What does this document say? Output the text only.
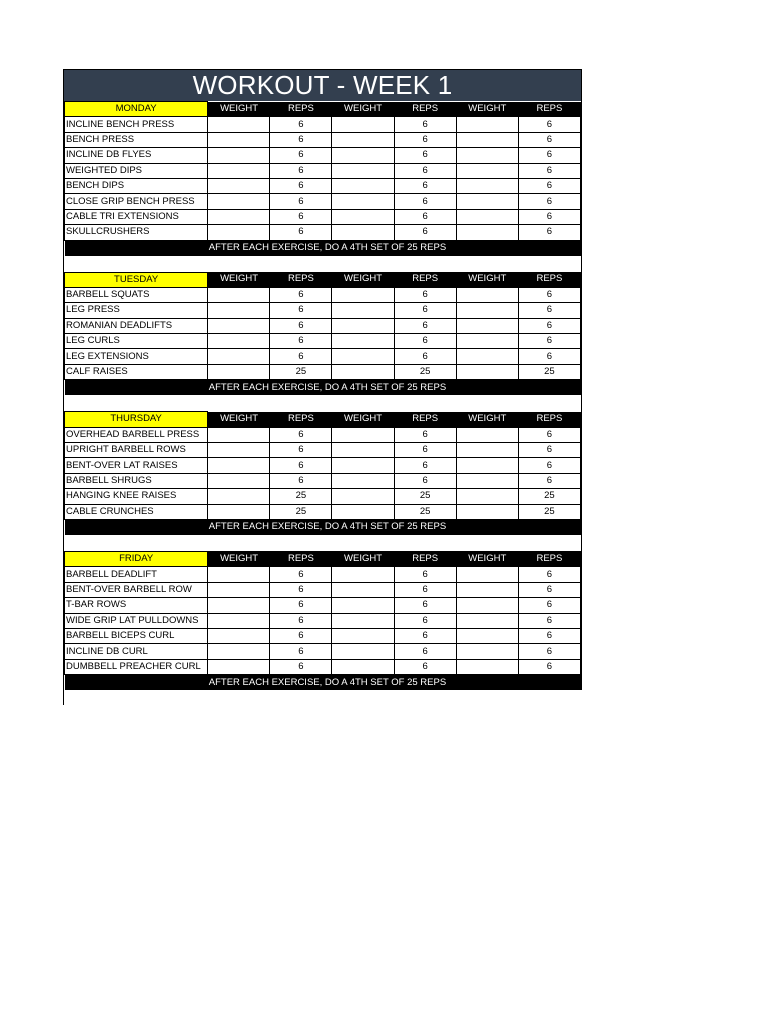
WORKOUT - WEEK 1
MONDAY	WEIGHT	REPS	WEIGHT	REPS	WEIGHT	REPS
INCLINE BENCH PRESS		6		6		6
BENCH PRESS		6		6		6
INCLINE DB FLYES		6		6		6
WEIGHTED DIPS		6		6		6
BENCH DIPS		6		6		6
CLOSE GRIP BENCH PRESS		6		6		6
CABLE TRI EXTENSIONS		6		6		6
SKULLCRUSHERS		6		6		6
	AFTER EACH EXERCISE, DO A 4TH SET OF 25 REPS					
TUESDAY	WEIGHT	REPS	WEIGHT	REPS	WEIGHT	REPS
BARBELL SQUATS		6		6		6
LEG PRESS		6		6		6
ROMANIAN DEADLIFTS		6		6		6
LEG CURLS		6		6		6
LEG EXTENSIONS		6		6		6
CALF RAISES		25		25		25
	AFTER EACH EXERCISE, DO A 4TH SET OF 25 REPS					
THURSDAY	WEIGHT	REPS	WEIGHT	REPS	WEIGHT	REPS
OVERHEAD BARBELL PRESS		6		6		6
UPRIGHT BARBELL ROWS		6		6		6
BENT-OVER LAT RAISES		6		6		6
BARBELL SHRUGS		6		6		6
HANGING KNEE RAISES		25		25		25
CABLE CRUNCHES		25		25		25
	AFTER EACH EXERCISE, DO A 4TH SET OF 25 REPS					
FRIDAY	WEIGHT	REPS	WEIGHT	REPS	WEIGHT	REPS
BARBELL DEADLIFT		6		6		6
BENT-OVER BARBELL ROW		6		6		6
T-BAR ROWS		6		6		6
WIDE GRIP LAT PULLDOWNS		6		6		6
BARBELL BICEPS CURL		6		6		6
INCLINE DB CURL		6		6		6
DUMBBELL PREACHER CURL		6		6		6
	AFTER EACH EXERCISE, DO A 4TH SET OF 25 REPS					
